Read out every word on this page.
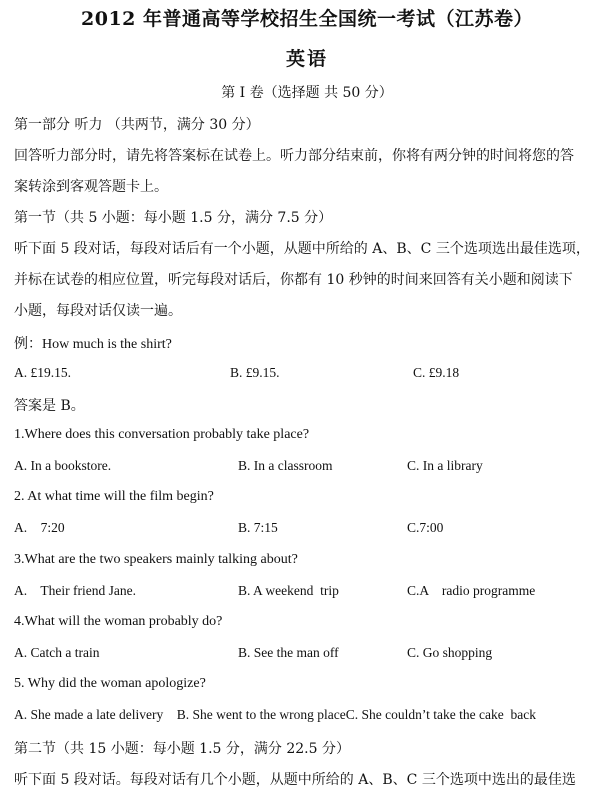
2012 年普通高等学校招生全国统一考试（江苏卷）
英语
第 I 卷（选择题 共 50 分）
第一部分 听力 （共两节，满分 30 分）
回答听力部分时，请先将答案标在试卷上。听力部分结束前，你将有两分钟的时间将您的答
案转涂到客观答题卡上。
第一节（共 5 小题：每小题 1.5 分，满分 7.5 分）
听下面 5 段对话，每段对话后有一个小题，从题中所给的 A、B、C 三个选项选出最佳选项，
并标在试卷的相应位置，听完每段对话后，你都有 10 秒钟的时间来回答有关小题和阅读下
小题，每段对话仅读一遍。
例：How much is the shirt?
A. £19.15.	B. £9.15.	C. £9.18
答案是 B。
1.Where does this conversation probably take place?
A. In a bookstore.	B. In a classroom	C. In a library
2. At what time will the film begin?
A.    7:20	B. 7:15	C.7:00
3.What are the two speakers mainly talking about?
A.    Their friend Jane.	B. A weekend  trip	C.A    radio programme
4.What will the woman probably do?
A. Catch a train	B. See the man off	C. Go shopping
5. Why did the woman apologize?
A. She made a late delivery    B. She went to the wrong placeC. She couldn’t take the cake  back
第二节（共 15 小题：每小题 1.5 分，满分 22.5 分）
听下面 5 段对话。每段对话有几个小题，从题中所给的 A、B、C 三个选项中选出的最佳选
